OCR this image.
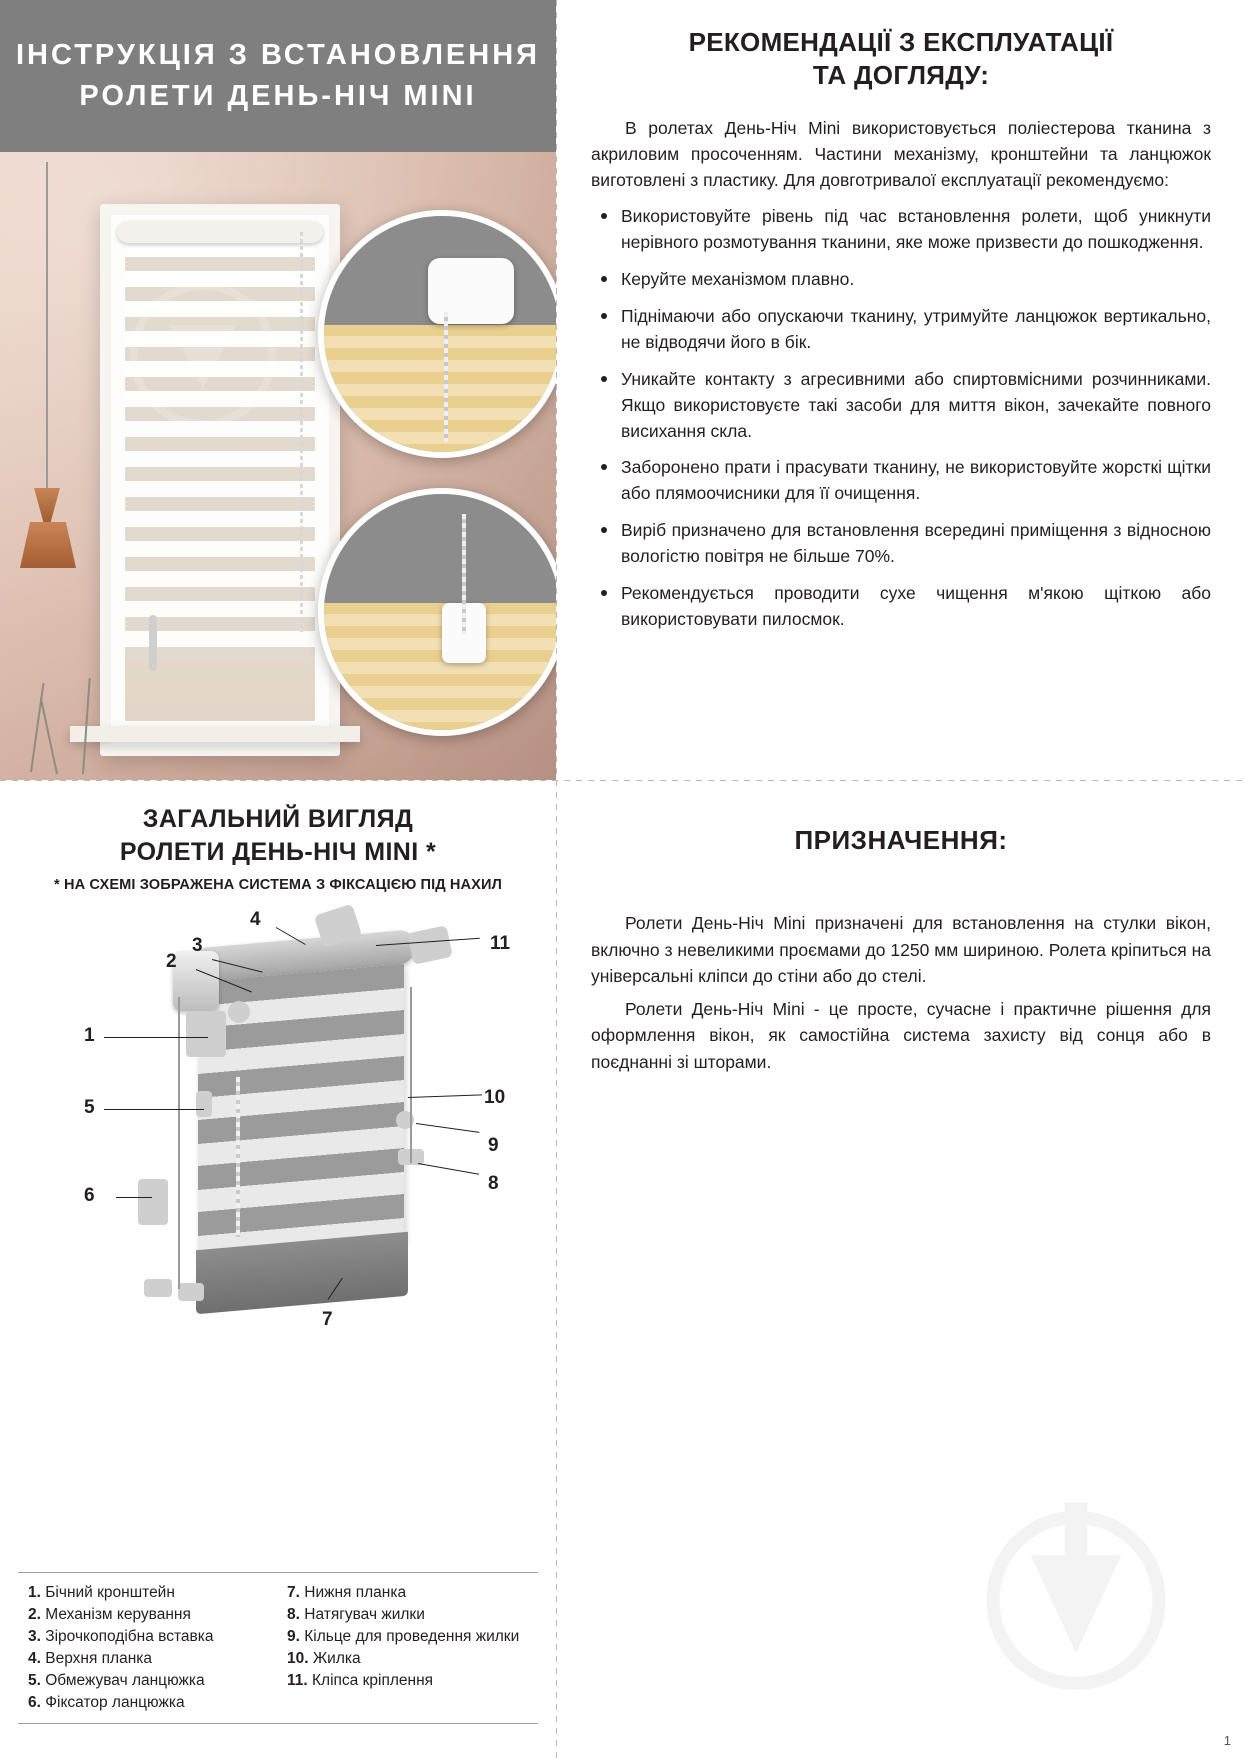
ІНСТРУКЦІЯ З ВСТАНОВЛЕННЯ
РОЛЕТИ ДЕНЬ-НІЧ MINI
РЕКОМЕНДАЦІЇ З ЕКСПЛУАТАЦІЇ
ТА ДОГЛЯДУ:

В ролетах День-Ніч Mini використовується поліестерова тканина з акриловим просоченням. Частини механізму, кронштейни та ланцюжок виготовлені з пластику. Для довготривалої експлуатації рекомендуємо:

Використовуйте рівень під час встановлення ролети, щоб уникнути нерівного розмотування тканини, яке може призвести до пошкодження.
Керуйте механізмом плавно.
Піднімаючи або опускаючи тканину, утримуйте ланцюжок вертикально, не відводячи його в бік.
Уникайте контакту з агресивними або спиртовмісними розчинниками. Якщо використовуєте такі засоби для миття вікон, зачекайте повного висихання скла.
Заборонено прати і прасувати тканину, не використовуйте жорсткі щітки або плямоочисники для її очищення.
Виріб призначено для встановлення всередині приміщення з відносною вологістю повітря не більше 70%.
Рекомендується проводити сухе чищення м'якою щіткою або використовувати пилосмок.
ЗАГАЛЬНИЙ ВИГЛЯД
РОЛЕТИ ДЕНЬ-НІЧ MINI *
* НА СХЕМІ ЗОБРАЖЕНА СИСТЕМА З ФІКСАЦІЄЮ ПІД НАХИЛ
1
2
3
4
5
6
7
8
9
10
11
1. Бічний кронштейн
2. Механізм керування
3. Зірочкоподібна вставка
4. Верхня планка
5. Обмежувач ланцюжка
6. Фіксатор ланцюжка
7. Нижня планка
8. Натягувач жилки
9. Кільце для проведення жилки
10. Жилка
11. Кліпса кріплення
ПРИЗНАЧЕННЯ:

Ролети День-Ніч Mini призначені для встановлення на стулки вікон, включно з невеликими проємами до 1250 мм шириною. Ролета кріпиться на універсальні кліпси до стіни або до стелі.

Ролети День-Ніч Mini - це просте, сучасне і практичне рішення для оформлення вікон, як самостійна система захисту від сонця або в поєднанні зі шторами.

1
